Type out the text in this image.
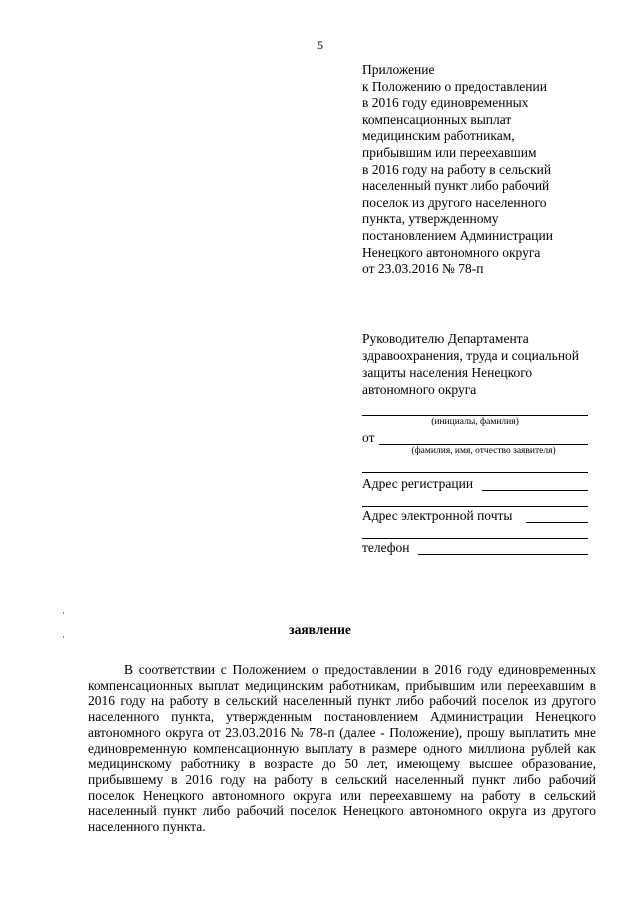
5
Приложение
к Положению о предоставлении
в 2016 году единовременных
компенсационных выплат
медицинским работникам,
прибывшим или переехавшим
в 2016 году на работу в сельский
населенный пункт либо рабочий
поселок из другого населенного
пункта, утвержденному
постановлением Администрации
Ненецкого автономного округа
от 23.03.2016 № 78-п
Руководителю Департамента
здравоохранения, труда и социальной
защиты населения Ненецкого
автономного округа
(инициалы, фамилия)
от
(фамилия, имя, отчество заявителя)
Адрес регистрации
Адрес электронной почты
телефон
заявление
В соответствии с Положением о предоставлении в 2016 году единовременных компенсационных выплат медицинским работникам, прибывшим или переехавшим в 2016 году на работу в сельский населенный пункт либо рабочий поселок из другого населенного пункта, утвержденным постановлением Администрации Ненецкого автономного округа от 23.03.2016 № 78-п (далее - Положение), прошу выплатить мне единовременную компенсационную выплату в размере одного миллиона рублей как медицинскому работнику в возрасте до 50 лет, имеющему высшее образование, прибывшему в 2016 году на работу в сельский населенный пункт либо рабочий поселок Ненецкого автономного округа или переехавшему на работу в сельский населенный пункт либо рабочий поселок Ненецкого автономного округа из другого населенного пункта.
